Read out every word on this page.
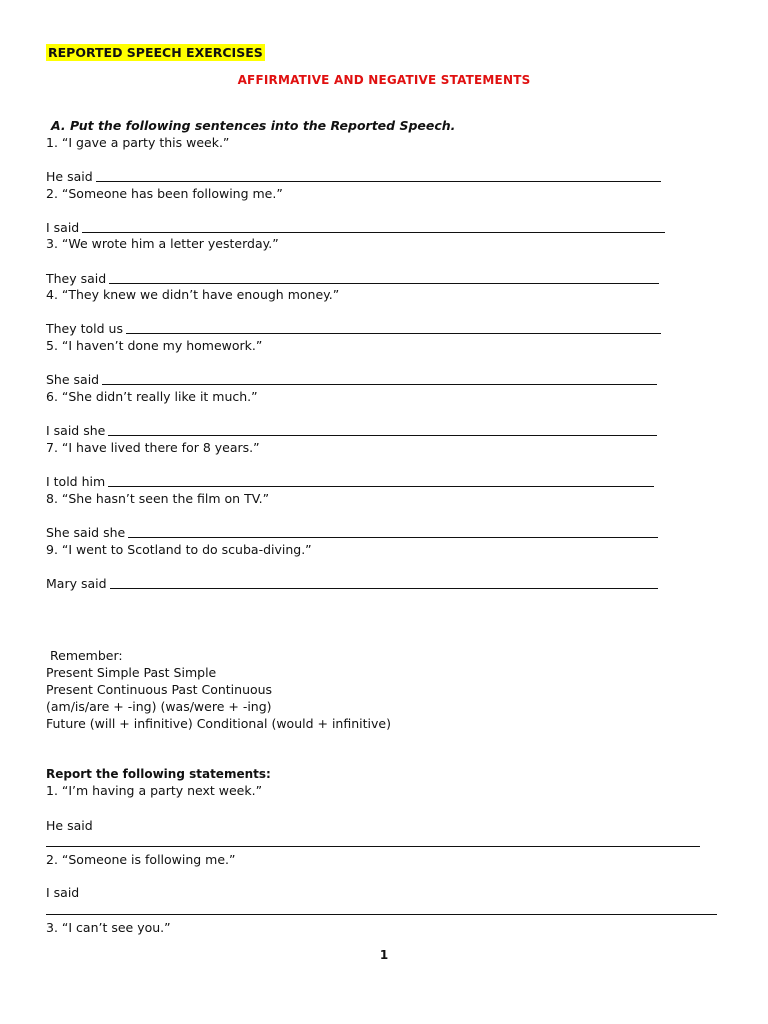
REPORTED SPEECH EXERCISES
AFFIRMATIVE AND NEGATIVE STATEMENTS
A. Put the following sentences into the Reported Speech.
1. “I gave a party this week.”
He said
2. “Someone has been following me.”
I said
3. “We wrote him a letter yesterday.”
They said
4. “They knew we didn’t have enough money.”
They told us
5. “I haven’t done my homework.”
She said
6. “She didn’t really like it much.”
I said she
7. “I have lived there for 8 years.”
I told him
8. “She hasn’t seen the film on TV.”
She said she
9. “I went to Scotland to do scuba-diving.”
Mary said
Remember:
Present Simple Past Simple
Present Continuous Past Continuous
(am/is/are + -ing) (was/were + -ing)
Future (will + infinitive) Conditional (would + infinitive)
Report the following statements:
1. “I’m having a party next week.”
He said
2. “Someone is following me.”
I said
3. “I can’t see you.”
1
